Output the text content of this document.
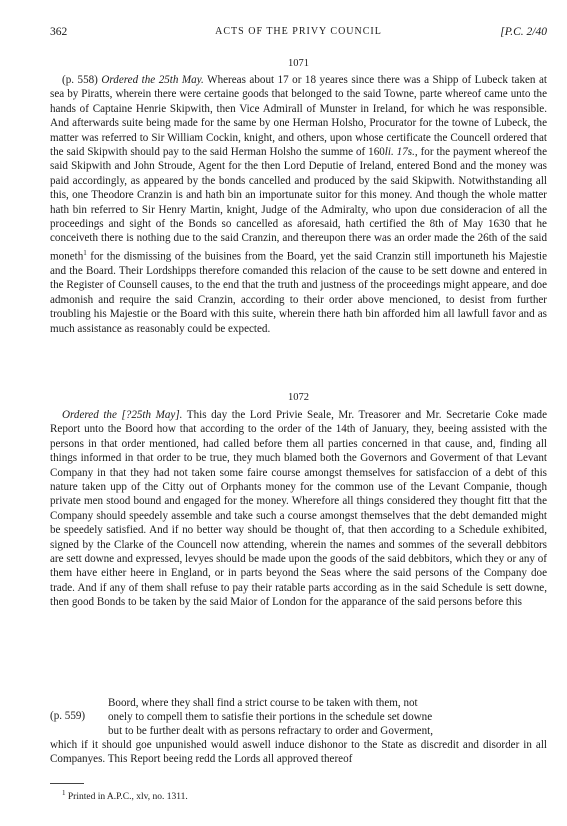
362	ACTS OF THE PRIVY COUNCIL	[P.C. 2/40
1071

(p. 558) Ordered the 25th May. Whereas about 17 or 18 yeares since there was a Shipp of Lubeck taken at sea by Piratts, wherein there were certaine goods that belonged to the said Towne, parte whereof came unto the hands of Captaine Henrie Skipwith, then Vice Admirall of Munster in Ireland, for which he was responsible. And afterwards suite being made for the same by one Herman Holsho, Procurator for the towne of Lubeck, the matter was referred to Sir William Cockin, knight, and others, upon whose certificate the Councell ordered that the said Skipwith should pay to the said Herman Holsho the summe of 160li. 17s., for the payment whereof the said Skipwith and John Stroude, Agent for the then Lord Deputie of Ireland, entered Bond and the money was paid accordingly, as appeared by the bonds cancelled and produced by the said Skipwith. Notwithstanding all this, one Theodore Cranzin is and hath bin an importunate suitor for this money. And though the whole matter hath bin referred to Sir Henry Martin, knight, Judge of the Admiralty, who upon due consideracion of all the proceedings and sight of the Bonds so cancelled as aforesaid, hath certified the 8th of May 1630 that he conceiveth there is nothing due to the said Cranzin, and thereupon there was an order made the 26th of the said moneth$^1$ for the dismissing of the buisines from the Board, yet the said Cranzin still importuneth his Majestie and the Board. Their Lordshipps therefore comanded this relacion of the cause to be sett downe and entered in the Register of Counsell causes, to the end that the truth and justness of the proceedings might appeare, and doe admonish and require the said Cranzin, according to their order above mencioned, to desist from further troubling his Majestie or the Board with this suite, wherein there hath bin afforded him all lawfull favor and as much assistance as reasonably could be expected.

1072

Ordered the [?25th May]. This day the Lord Privie Seale, Mr. Treasorer and Mr. Secretarie Coke made Report unto the Boord how that according to the order of the 14th of January, they, beeing assisted with the persons in that order mentioned, had called before them all parties concerned in that cause, and, finding all things informed in that order to be true, they much blamed both the Governors and Goverment of that Levant Company in that they had not taken some faire course amongst themselves for satisfaccion of a debt of this nature taken upp of the Citty out of Orphants money for the common use of the Levant Companie, though private men stood bound and engaged for the money. Wherefore all things considered they thought fitt that the Company should speedely assemble and take such a course amongst themselves that the debt demanded might be speedely satisfied. And if no better way should be thought of, that then according to a Schedule exhibited, signed by the Clarke of the Councell now attending, wherein the names and sommes of the severall debbitors are sett downe and expressed, levyes should be made upon the goods of the said debbitors, which they or any of them have either heere in England, or in parts beyond the Seas where the said persons of the Company doe trade. And if any of them shall refuse to pay their ratable parts according as in the said Schedule is sett downe, then good Bonds to be taken by the said Maior of London for the apparance of the said persons before this

Boord, where they shall find a strict course to be taken with them, not

(p. 559) onely to compell them to satisfie their portions in the schedule set downe

but to be further dealt with as persons refractary to order and Goverment,

which if it should goe unpunished would aswell induce dishonor to the State as discredit and disorder in all Companyes. This Report beeing redd the Lords all approved thereof

$^1$ Printed in A.P.C., xlv, no. 1311.
